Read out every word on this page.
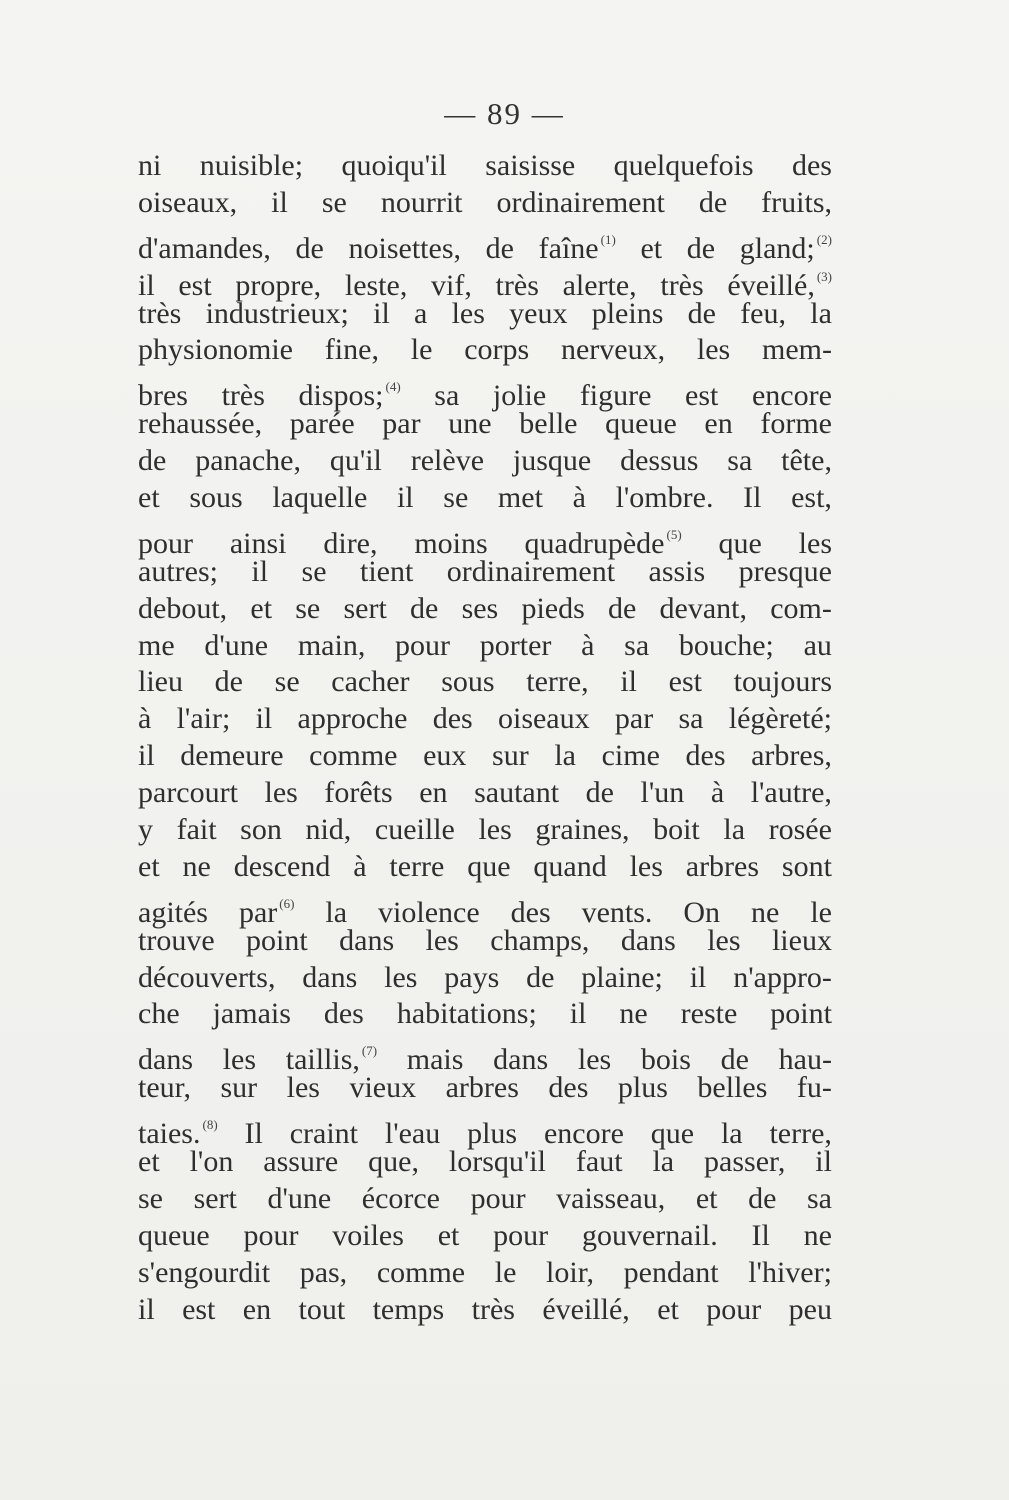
— 89 —
ni nuisible; quoiqu'il saisisse quelquefois des
oiseaux, il se nourrit ordinairement de fruits,
d'amandes, de noisettes, de faîne $^{(1)}$ et de gland; $^{(2)}$
il est propre, leste, vif, très alerte, très éveillé, $^{(3)}$
très industrieux; il a les yeux pleins de feu, la
physionomie fine, le corps nerveux, les mem-
bres très dispos; $^{(4)}$ sa jolie figure est encore
rehaussée, parée par une belle queue en forme
de panache, qu'il relève jusque dessus sa tête,
et sous laquelle il se met à l'ombre. Il est,
pour ainsi dire, moins quadrupède $^{(5)}$ que les
autres; il se tient ordinairement assis presque
debout, et se sert de ses pieds de devant, com-
me d'une main, pour porter à sa bouche; au
lieu de se cacher sous terre, il est toujours
à l'air; il approche des oiseaux par sa légèreté;
il demeure comme eux sur la cime des arbres,
parcourt les forêts en sautant de l'un à l'autre,
y fait son nid, cueille les graines, boit la rosée
et ne descend à terre que quand les arbres sont
agités par $^{(6)}$ la violence des vents. On ne le
trouve point dans les champs, dans les lieux
découverts, dans les pays de plaine; il n'appro-
che jamais des habitations; il ne reste point
dans les taillis, $^{(7)}$ mais dans les bois de hau-
teur, sur les vieux arbres des plus belles fu-
taies. $^{(8)}$ Il craint l'eau plus encore que la terre,
et l'on assure que, lorsqu'il faut la passer, il
se sert d'une écorce pour vaisseau, et de sa
queue pour voiles et pour gouvernail. Il ne
s'engourdit pas, comme le loir, pendant l'hiver;
il est en tout temps très éveillé, et pour peu
